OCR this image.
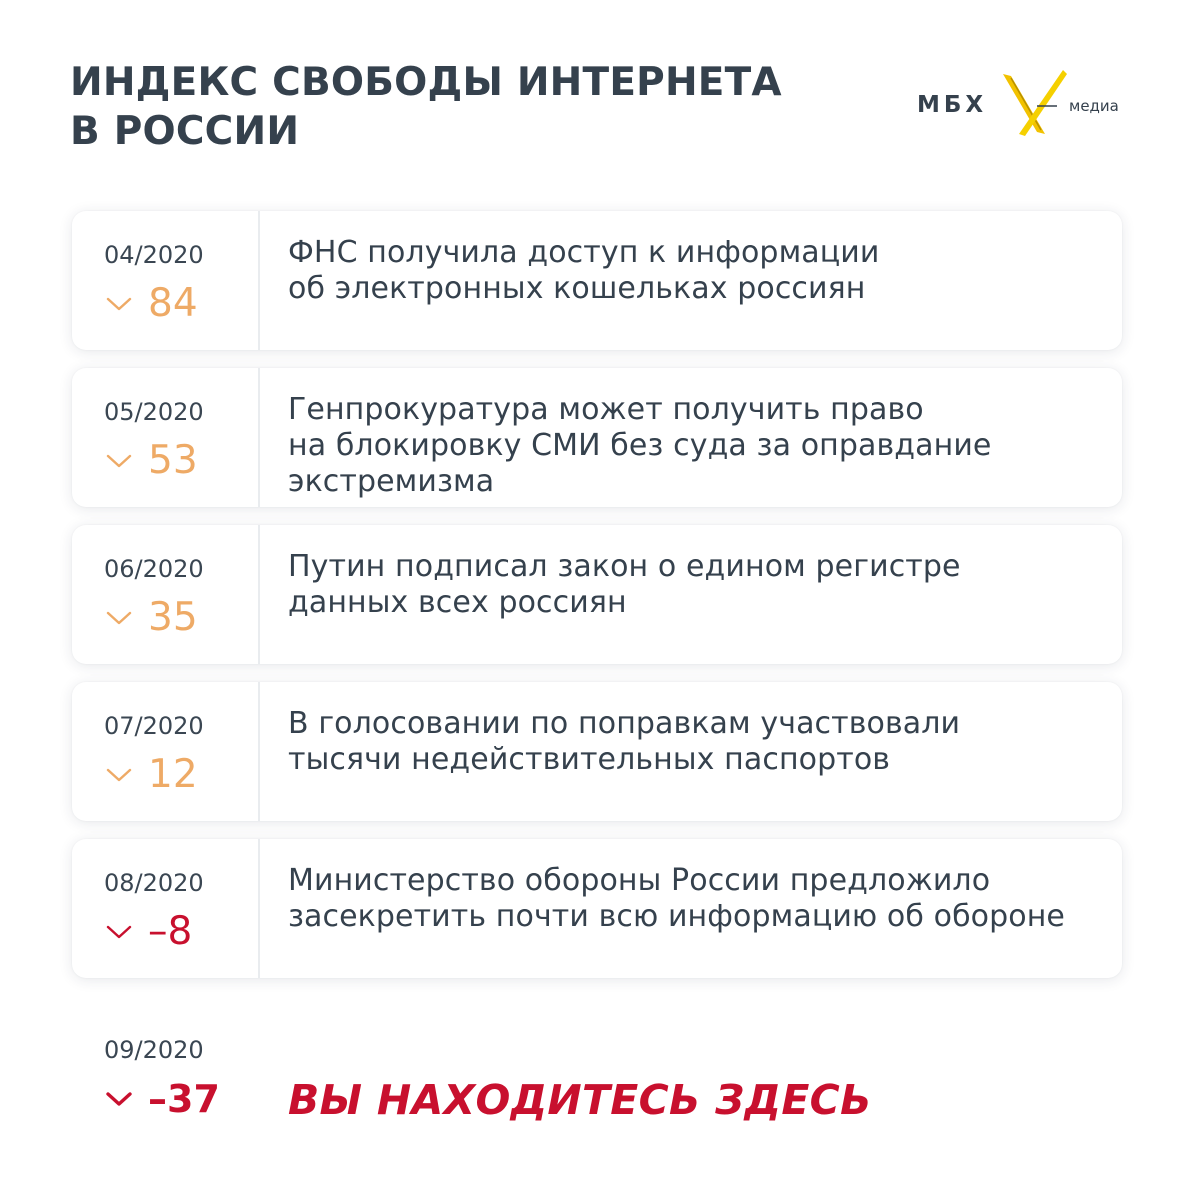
ИНДЕКС СВОБОДЫ ИНТЕРНЕТА
В РОССИИ
МБХ	медиа
04/2020
84
ФНС получила доступ к информации
об электронных кошельках россиян
05/2020
53
Генпрокуратура может получить право
на блокировку СМИ без суда за оправдание
экстремизма
06/2020
35
Путин подписал закон о едином регистре
данных всех россиян
07/2020
12
В голосовании по поправкам участвовали
тысячи недействительных паспортов
08/2020
–8
Министерство обороны России предложило
засекретить почти всю информацию об обороне
09/2020
–37 ВЫ НАХОДИТЕСЬ ЗДЕСЬ
